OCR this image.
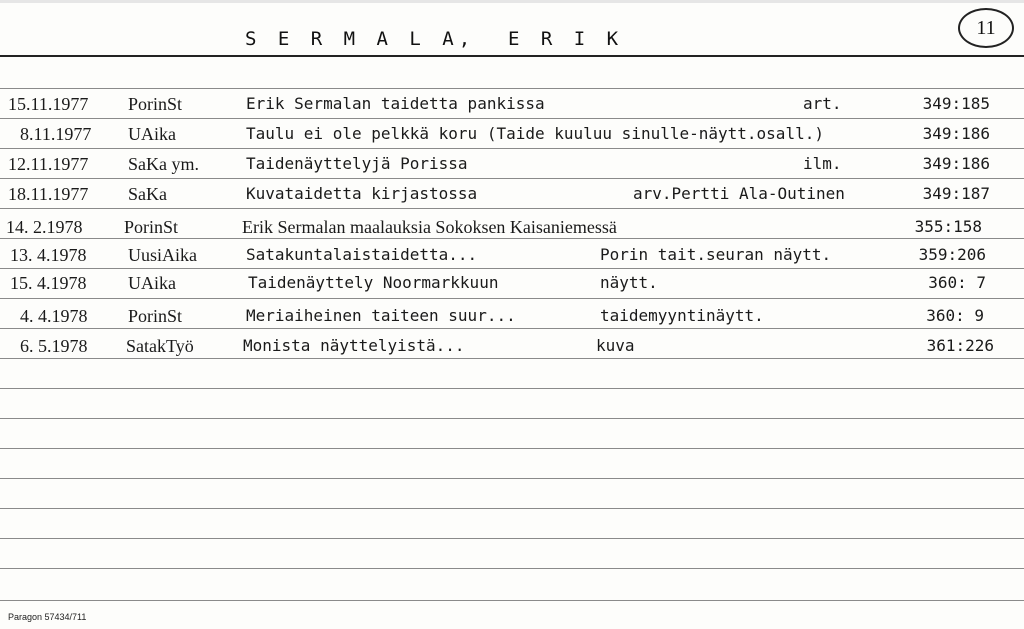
S E R M A L A,  E R I K
11
15.11.1977 PorinSt	Erik Sermalan taidetta pankissa	art.	349:185
8.11.1977 UAika	Taulu ei ole pelkkä koru (Taide kuuluu sinulle-näytt.osall.)	349:186
12.11.1977 SaKa ym.	Taidenäyttelyjä Porissa	ilm.	349:186
18.11.1977 SaKa	Kuvataidetta kirjastossa	arv.Pertti Ala-Outinen	349:187
14. 2.1978 PorinSt	Erik Sermalan maalauksia Sokoksen Kaisaniemessä	355:158
13. 4.1978 UusiAika	Satakuntalaistaidetta...	Porin tait.seuran näytt.	359:206
15. 4.1978 UAika	Taidenäyttely Noormarkkuun	näytt.	360: 7
4. 4.1978 PorinSt	Meriaiheinen taiteen suur...	taidemyyntinäytt.	360: 9
6. 5.1978 SatakTyö	Monista näyttelyistä...	kuva	361:226
Paragon 57434/711
